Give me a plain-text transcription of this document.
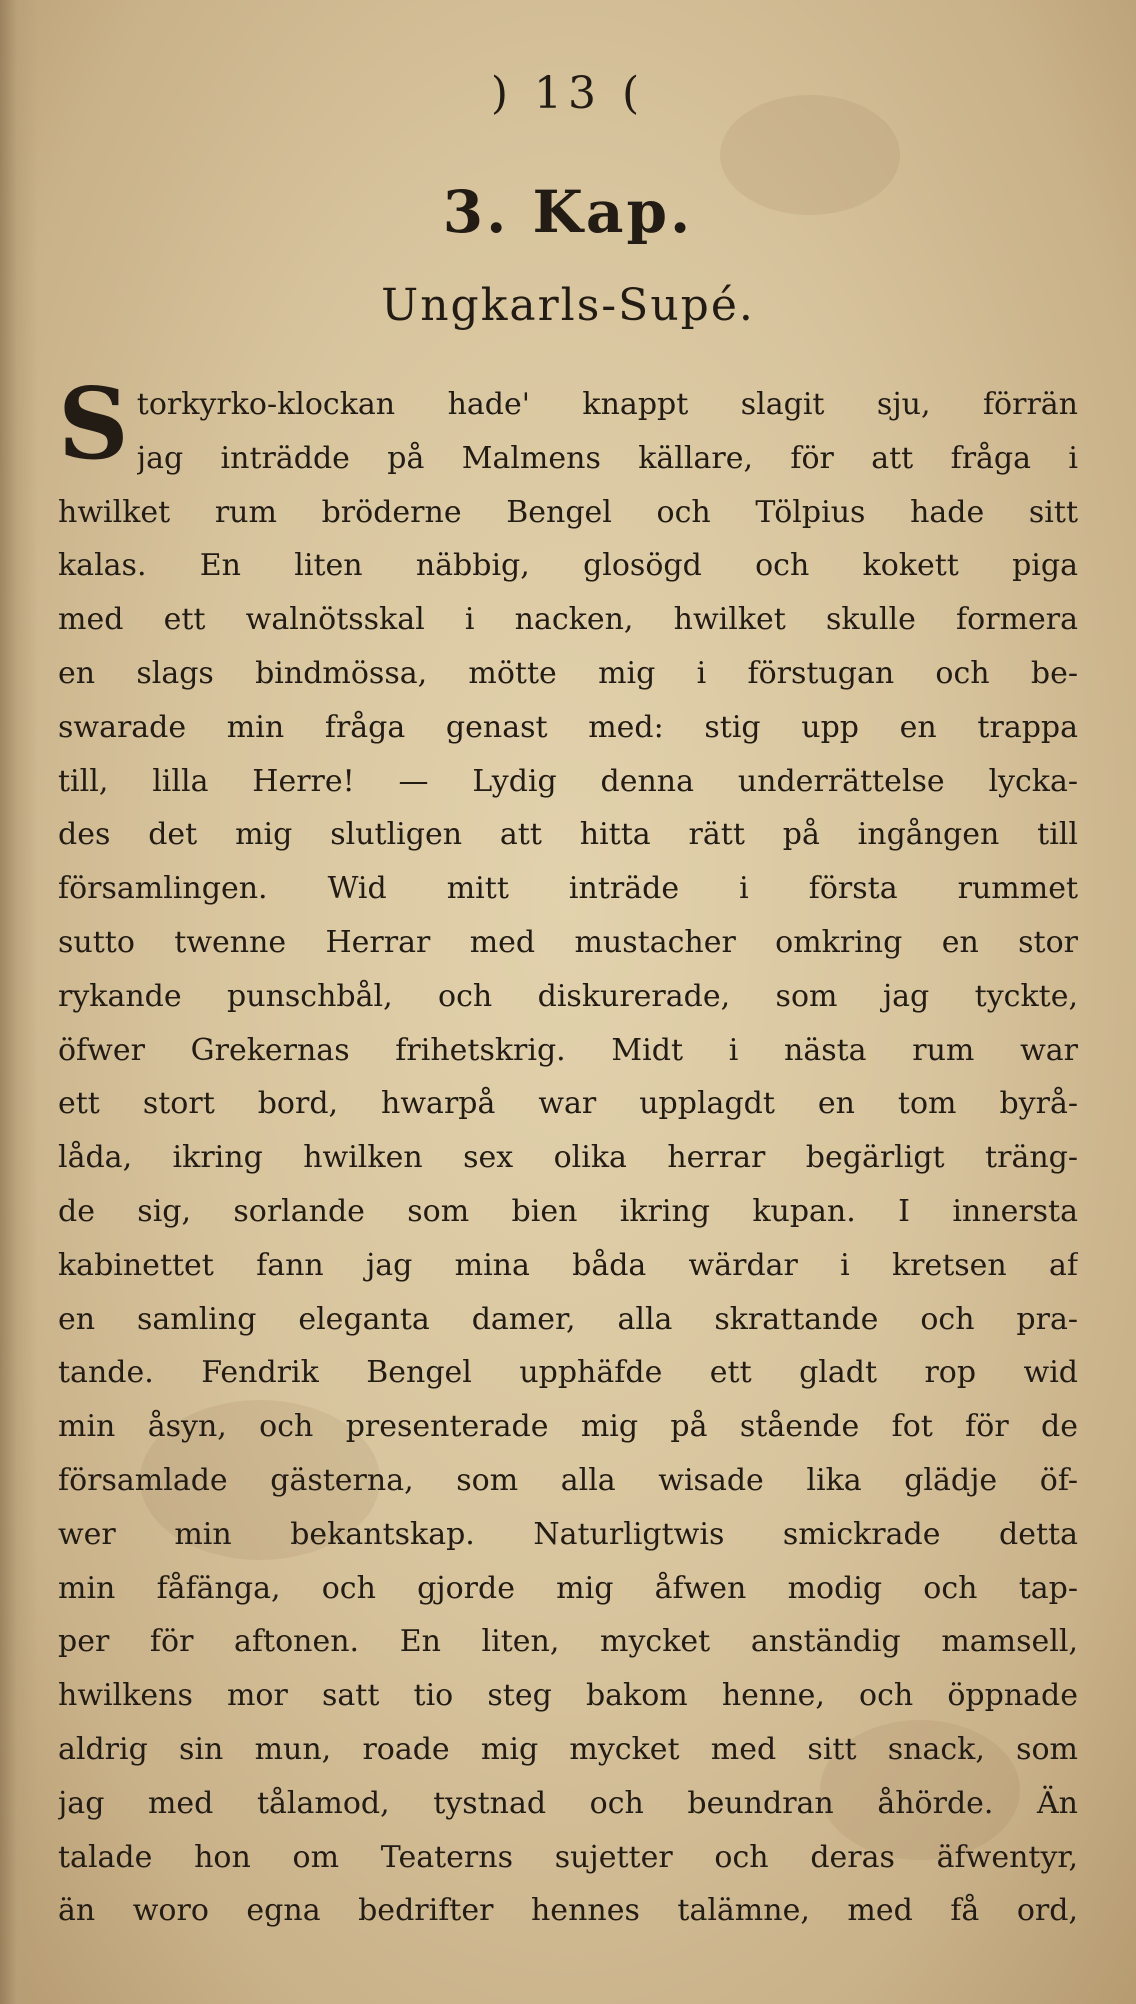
) 13 (
3. Kap.
Ungkarls-Supé.
S torkyrko-klockan hade' knappt slagit sju, förrän
jag inträdde på Malmens källare, för att fråga i
hwilket rum bröderne Bengel och Tölpius hade sitt
kalas. En liten näbbig, glosögd och kokett piga
med ett walnötsskal i nacken, hwilket skulle formera
en slags bindmössa, mötte mig i förstugan och be-
swarade min fråga genast med: stig upp en trappa
till, lilla Herre! — Lydig denna underrättelse lycka-
des det mig slutligen att hitta rätt på ingången till
församlingen. Wid mitt inträde i första rummet
sutto twenne Herrar med mustacher omkring en stor
rykande punschbål, och diskurerade, som jag tyckte,
öfwer Grekernas frihetskrig. Midt i nästa rum war
ett stort bord, hwarpå war upplagdt en tom byrå-
låda, ikring hwilken sex olika herrar begärligt träng-
de sig, sorlande som bien ikring kupan. I innersta
kabinettet fann jag mina båda wärdar i kretsen af
en samling eleganta damer, alla skrattande och pra-
tande. Fendrik Bengel upphäfde ett gladt rop wid
min åsyn, och presenterade mig på stående fot för de
församlade gästerna, som alla wisade lika glädje öf-
wer min bekantskap. Naturligtwis smickrade detta
min fåfänga, och gjorde mig åfwen modig och tap-
per för aftonen. En liten, mycket anständig mamsell,
hwilkens mor satt tio steg bakom henne, och öppnade
aldrig sin mun, roade mig mycket med sitt snack, som
jag med tålamod, tystnad och beundran åhörde. Än
talade hon om Teaterns sujetter och deras äfwentyr,
än woro egna bedrifter hennes talämne, med få ord,
